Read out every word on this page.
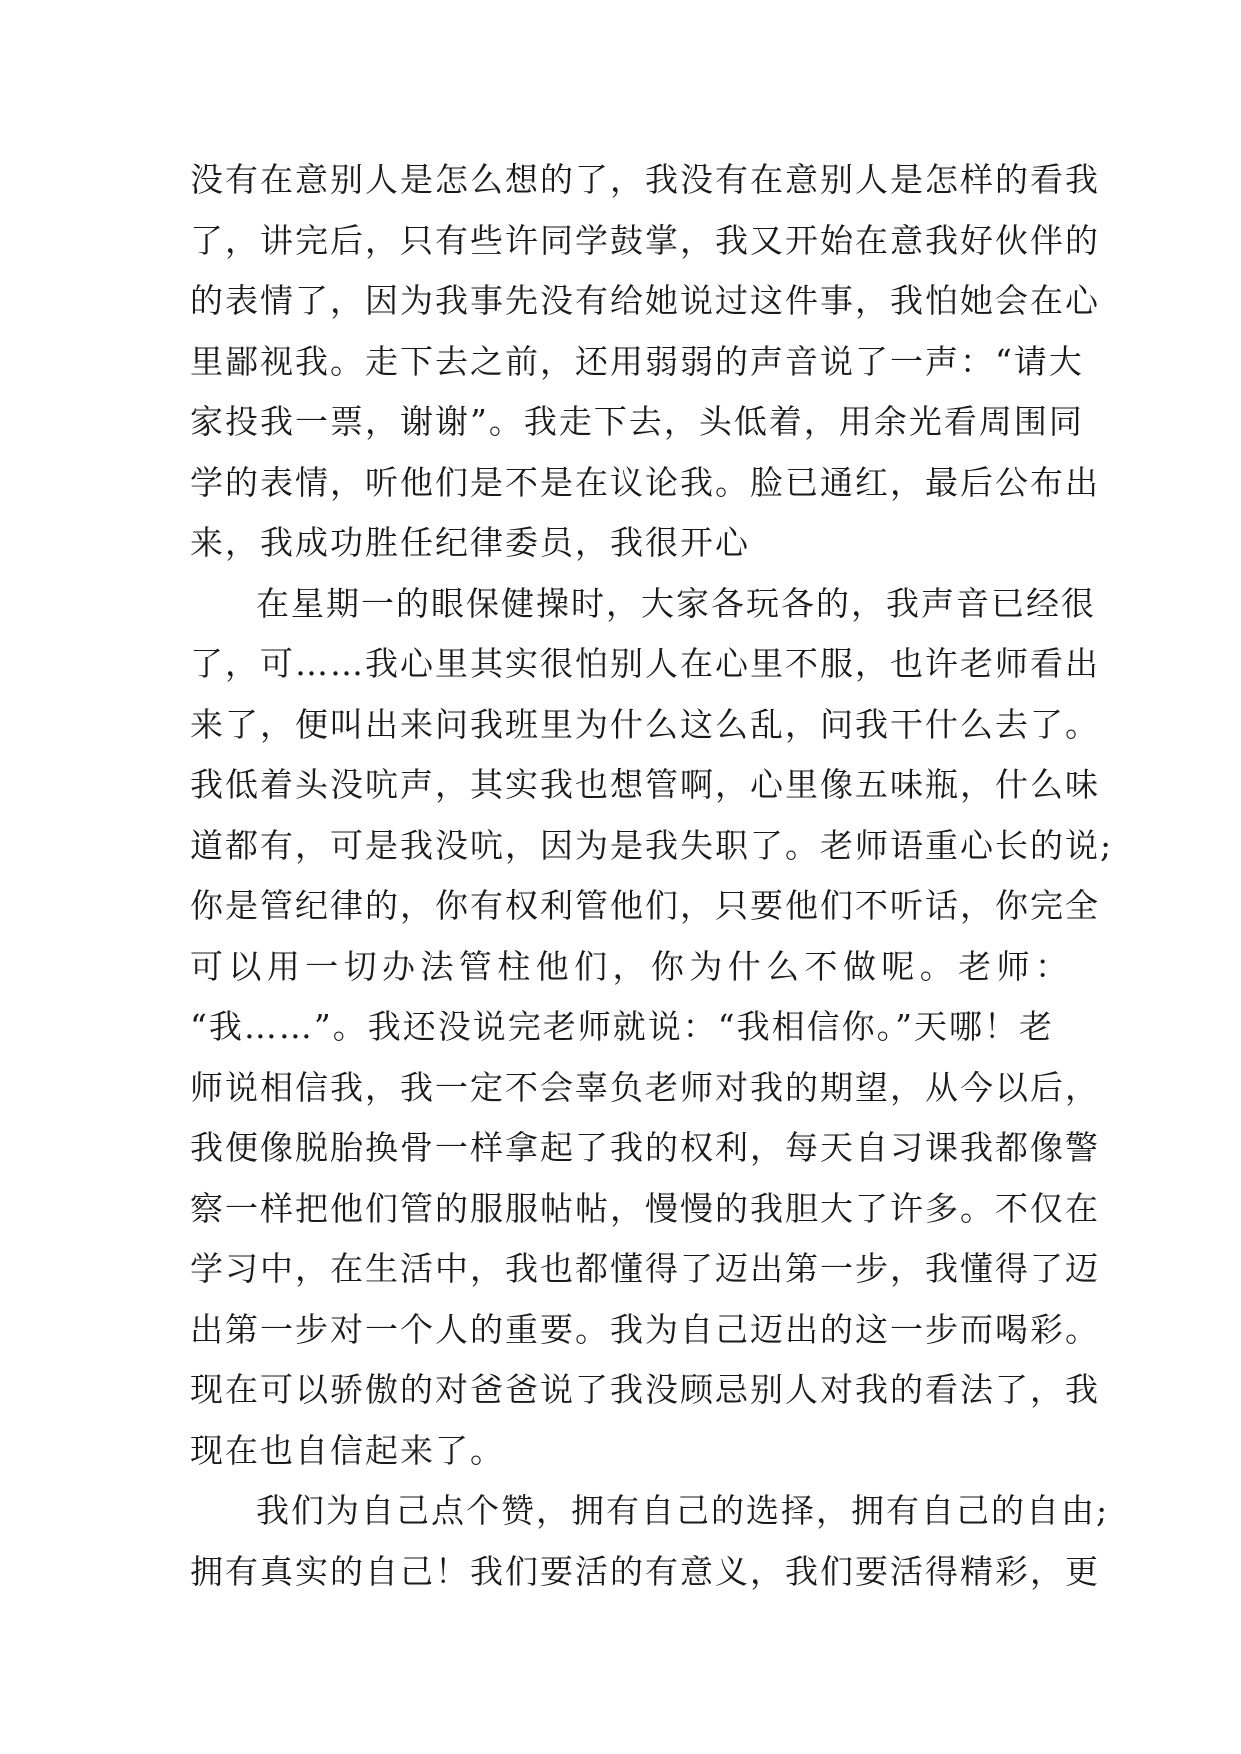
没有在意别人是怎么想的了，我没有在意别人是怎样的看我
了，讲完后，只有些许同学鼓掌，我又开始在意我好伙伴的
的表情了，因为我事先没有给她说过这件事，我怕她会在心
里鄙视我。走下去之前，还用弱弱的声音说了一声：“请大
家投我一票，谢谢”。我走下去，头低着，用余光看周围同
学的表情，听他们是不是在议论我。脸已通红，最后公布出
来，我成功胜任纪律委员，我很开心
在星期一的眼保健操时，大家各玩各的，我声音已经很
了，可……我心里其实很怕别人在心里不服，也许老师看出
来了，便叫出来问我班里为什么这么乱，问我干什么去了。
我低着头没吭声，其实我也想管啊，心里像五味瓶，什么味
道都有，可是我没吭，因为是我失职了。老师语重心长的说;
你是管纪律的，你有权利管他们，只要他们不听话，你完全
可以用一切办法管柱他们，你为什么不做呢。老师：
“我……”。我还没说完老师就说：“我相信你。”天哪！老
师说相信我，我一定不会辜负老师对我的期望，从今以后，
我便像脱胎换骨一样拿起了我的权利，每天自习课我都像警
察一样把他们管的服服帖帖，慢慢的我胆大了许多。不仅在
学习中，在生活中，我也都懂得了迈出第一步，我懂得了迈
出第一步对一个人的重要。我为自己迈出的这一步而喝彩。
现在可以骄傲的对爸爸说了我没顾忌别人对我的看法了，我
现在也自信起来了。
我们为自己点个赞，拥有自己的选择，拥有自己的自由;
拥有真实的自己！我们要活的有意义，我们要活得精彩，更
